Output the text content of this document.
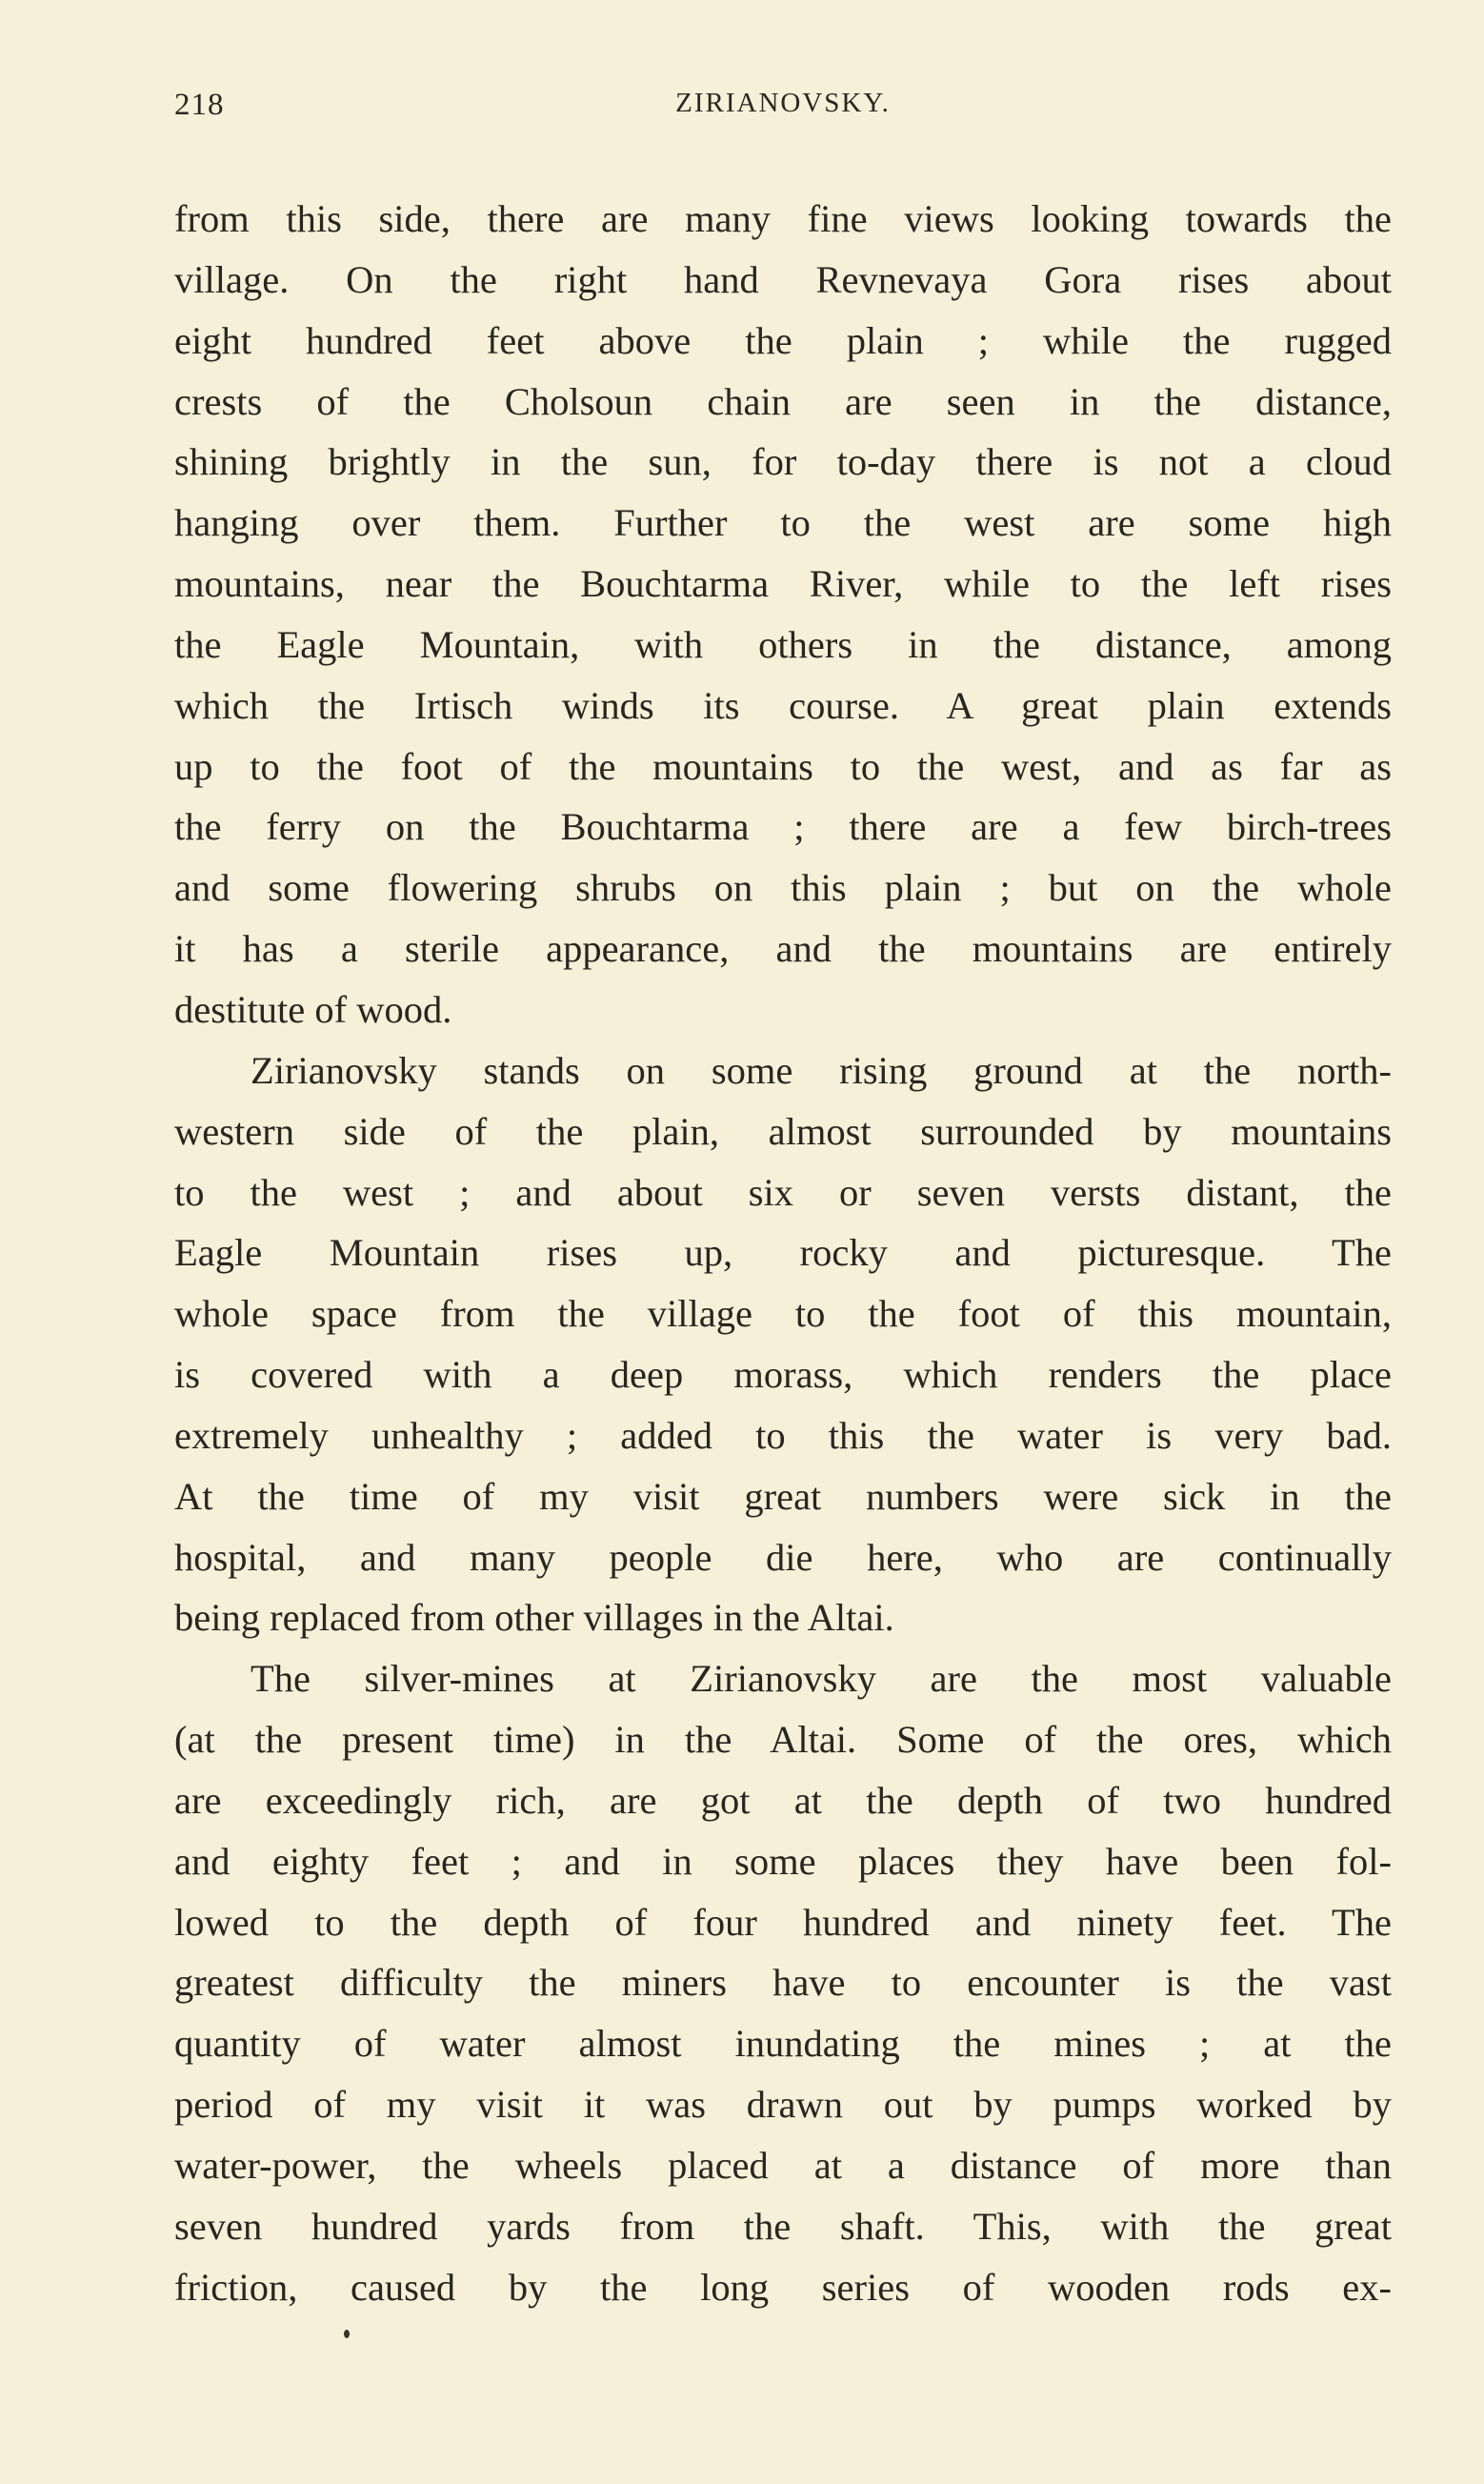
218	ZIRIANOVSKY.
from this side, there are many fine views looking towards the
village. On the right hand Revnevaya Gora rises about
eight hundred feet above the plain ; while the rugged
crests of the Cholsoun chain are seen in the distance,
shining brightly in the sun, for to-day there is not a cloud
hanging over them. Further to the west are some high
mountains, near the Bouchtarma River, while to the left rises
the Eagle Mountain, with others in the distance, among
which the Irtisch winds its course. A great plain extends
up to the foot of the mountains to the west, and as far as
the ferry on the Bouchtarma ; there are a few birch-trees
and some flowering shrubs on this plain ; but on the whole
it has a sterile appearance, and the mountains are entirely
destitute of wood.
Zirianovsky stands on some rising ground at the north-
western side of the plain, almost surrounded by mountains
to the west ; and about six or seven versts distant, the
Eagle Mountain rises up, rocky and picturesque. The
whole space from the village to the foot of this mountain,
is covered with a deep morass, which renders the place
extremely unhealthy ; added to this the water is very bad.
At the time of my visit great numbers were sick in the
hospital, and many people die here, who are continually
being replaced from other villages in the Altai.
The silver-mines at Zirianovsky are the most valuable
(at the present time) in the Altai. Some of the ores, which
are exceedingly rich, are got at the depth of two hundred
and eighty feet ; and in some places they have been fol-
lowed to the depth of four hundred and ninety feet. The
greatest difficulty the miners have to encounter is the vast
quantity of water almost inundating the mines ; at the
period of my visit it was drawn out by pumps worked by
water-power, the wheels placed at a distance of more than
seven hundred yards from the shaft. This, with the great
friction, caused by the long series of wooden rods ex-
